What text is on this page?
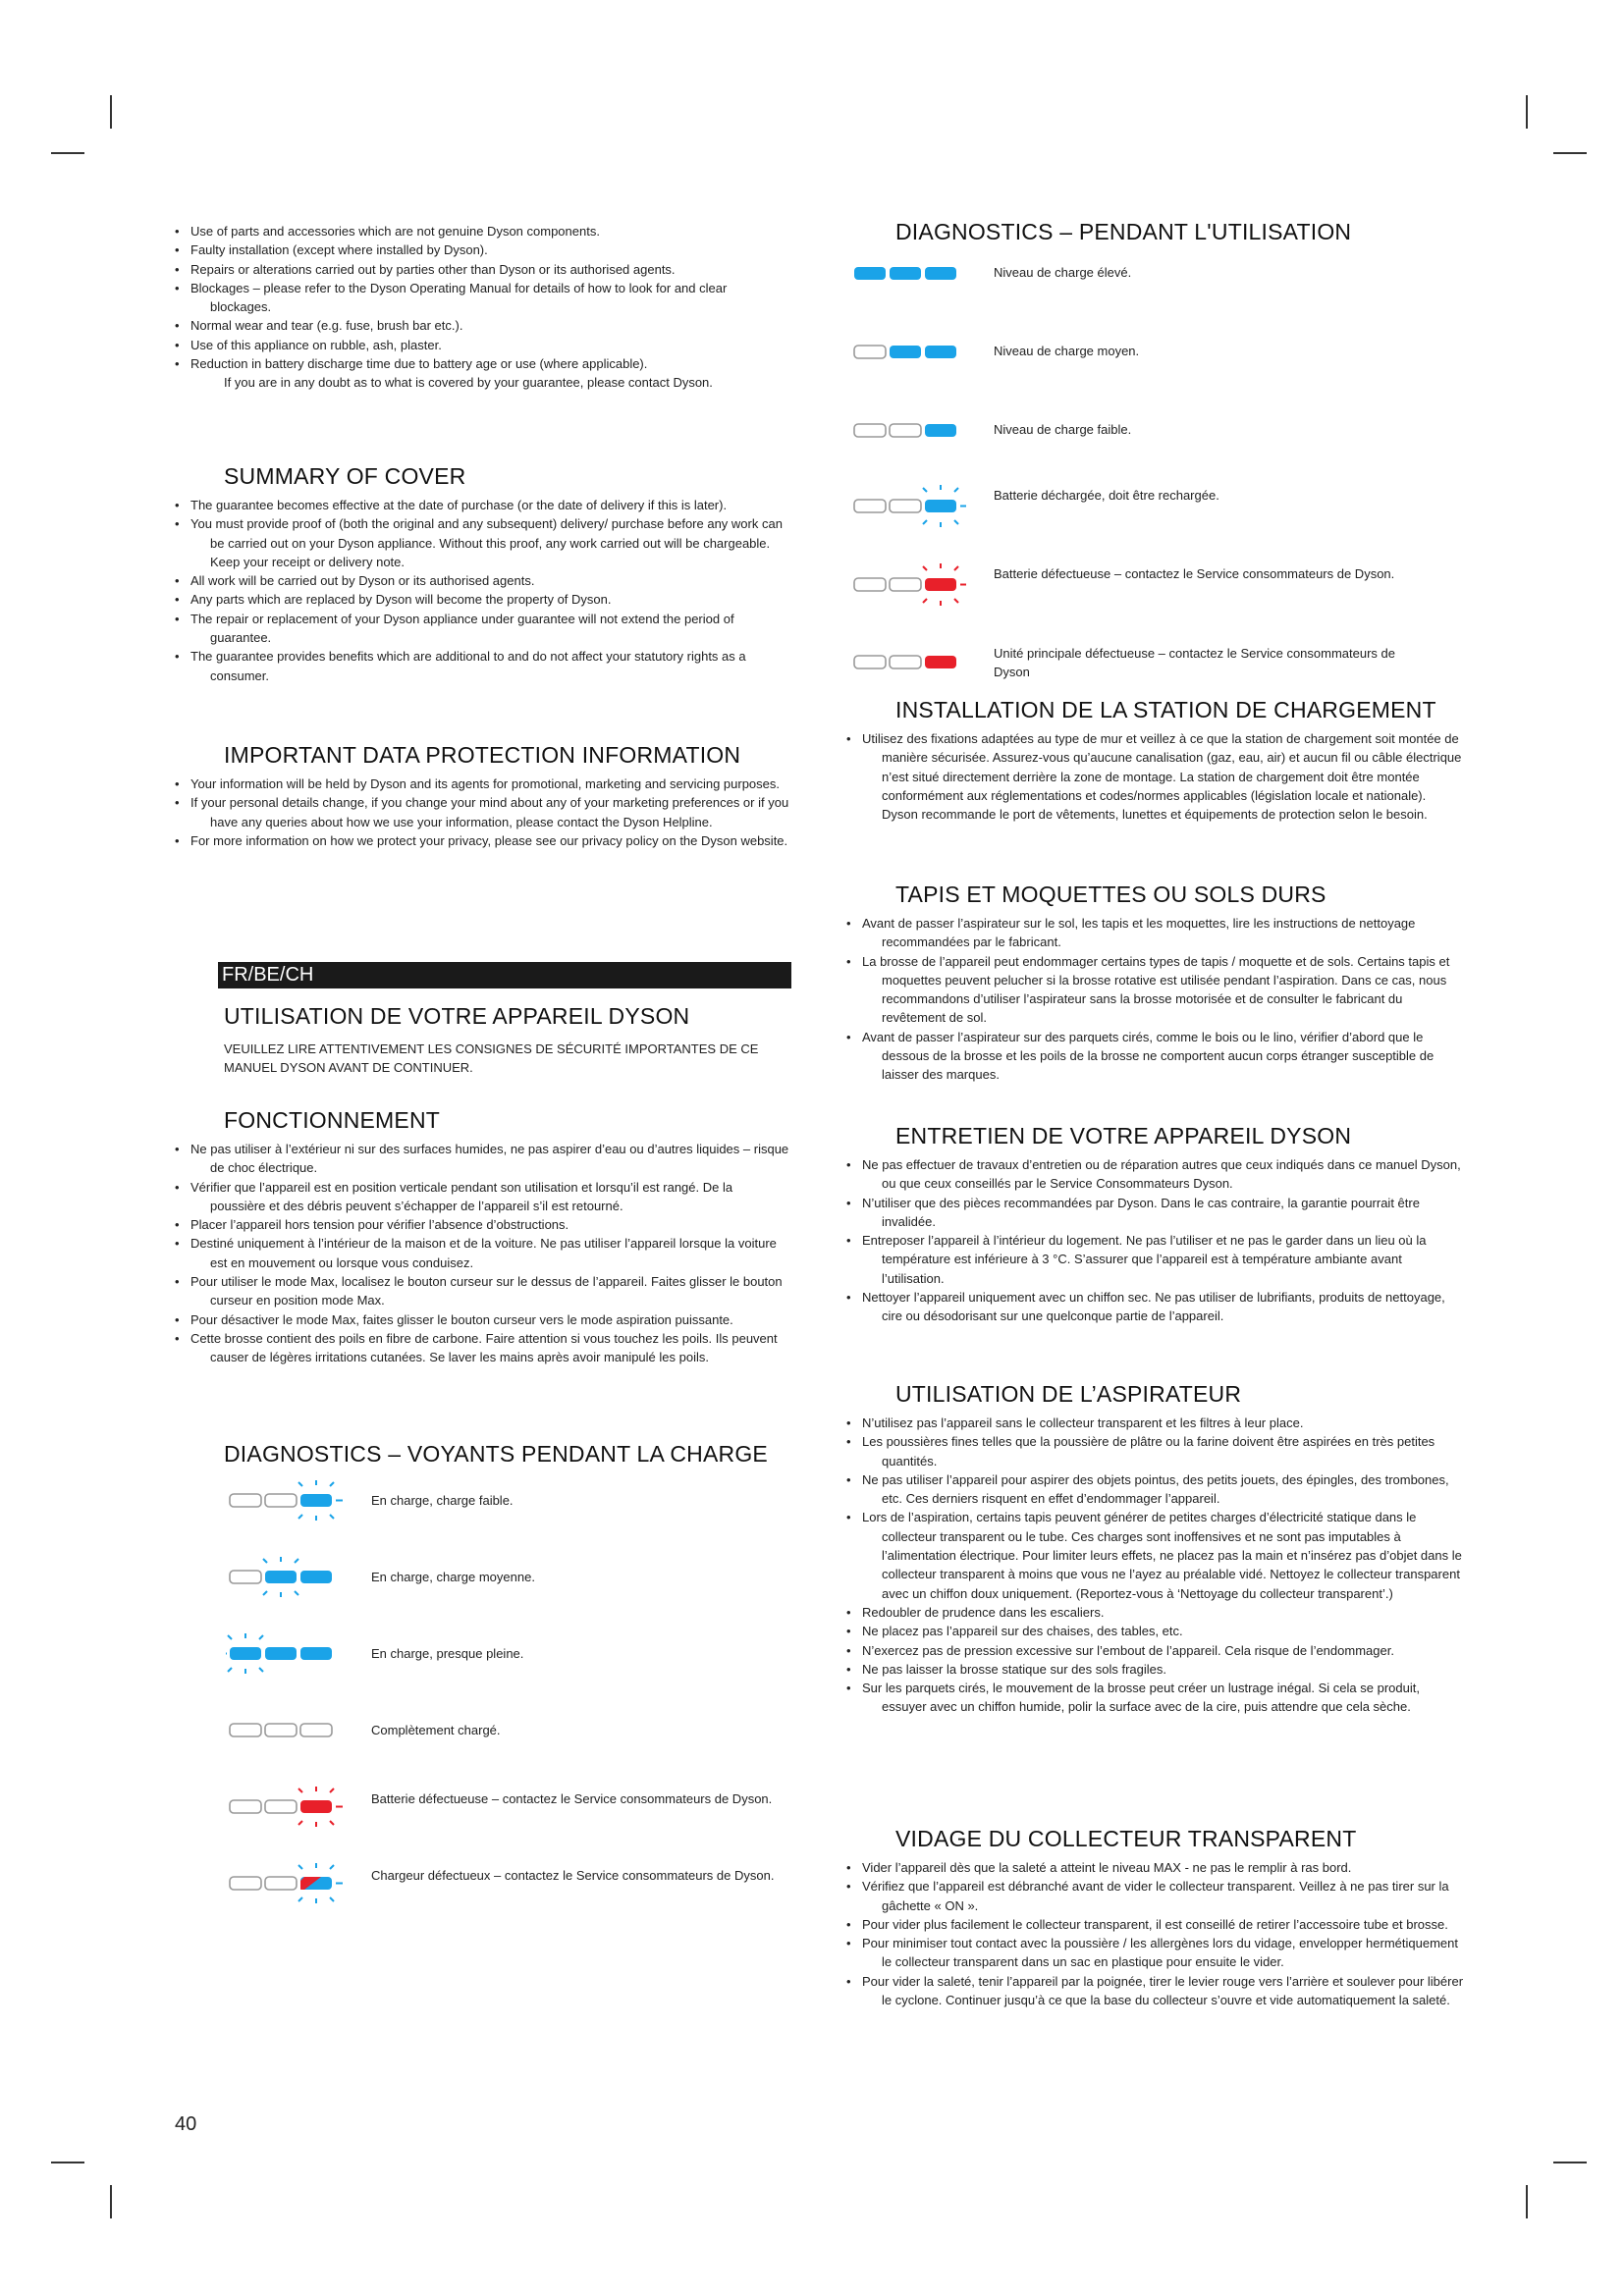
• Use of parts and accessories which are not genuine Dyson components.
• Faulty installation (except where installed by Dyson).
• Repairs or alterations carried out by parties other than Dyson or its authorised agents.
• Blockages – please refer to the Dyson Operating Manual for details of how to look for and clear blockages.
• Normal wear and tear (e.g. fuse, brush bar etc.).
• Use of this appliance on rubble, ash, plaster.
• Reduction in battery discharge time due to battery age or use (where applicable).
If you are in any doubt as to what is covered by your guarantee, please contact Dyson.
SUMMARY OF COVER
• The guarantee becomes effective at the date of purchase (or the date of delivery if this is later).
• You must provide proof of (both the original and any subsequent) delivery/ purchase before any work can be carried out on your Dyson appliance. Without this proof, any work carried out will be chargeable. Keep your receipt or delivery note.
• All work will be carried out by Dyson or its authorised agents.
• Any parts which are replaced by Dyson will become the property of Dyson.
• The repair or replacement of your Dyson appliance under guarantee will not extend the period of guarantee.
• The guarantee provides benefits which are additional to and do not affect your statutory rights as a consumer.
IMPORTANT DATA PROTECTION INFORMATION
• Your information will be held by Dyson and its agents for promotional, marketing and servicing purposes.
• If your personal details change, if you change your mind about any of your marketing preferences or if you have any queries about how we use your information, please contact the Dyson Helpline.
• For more information on how we protect your privacy, please see our privacy policy on the Dyson website.
FR/BE/CH
UTILISATION DE VOTRE APPAREIL DYSON
VEUILLEZ LIRE ATTENTIVEMENT LES CONSIGNES DE SÉCURITÉ IMPORTANTES DE CE MANUEL DYSON AVANT DE CONTINUER.
FONCTIONNEMENT
• Ne pas utiliser à l’extérieur ni sur des surfaces humides, ne pas aspirer d’eau ou d’autres liquides – risque de choc électrique.
• Vérifier que l’appareil est en position verticale pendant son utilisation et lorsqu’il est rangé. De la poussière et des débris peuvent s’échapper de l’appareil s’il est retourné.
• Placer l’appareil hors tension pour vérifier l’absence d’obstructions.
• Destiné uniquement à l’intérieur de la maison et de la voiture. Ne pas utiliser l’appareil lorsque la voiture est en mouvement ou lorsque vous conduisez.
• Pour utiliser le mode Max, localisez le bouton curseur sur le dessus de l’appareil. Faites glisser le bouton curseur en position mode Max.
• Pour désactiver le mode Max, faites glisser le bouton curseur vers le mode aspiration puissante.
• Cette brosse contient des poils en fibre de carbone. Faire attention si vous touchez les poils. Ils peuvent causer de légères irritations cutanées. Se laver les mains après avoir manipulé les poils.
DIAGNOSTICS – VOYANTS PENDANT LA CHARGE
En charge, charge faible.
En charge, charge moyenne.
En charge, presque pleine.
Complètement chargé.
Batterie défectueuse – contactez le Service consommateurs de Dyson.
Chargeur défectueux – contactez le Service consommateurs de Dyson.
DIAGNOSTICS – PENDANT L'UTILISATION
Niveau de charge élevé.
Niveau de charge moyen.
Niveau de charge faible.
Batterie déchargée, doit être rechargée.
Batterie défectueuse – contactez le Service consommateurs de Dyson.
Unité principale défectueuse – contactez le Service consommateurs de Dyson
INSTALLATION DE LA STATION DE CHARGEMENT
• Utilisez des fixations adaptées au type de mur et veillez à ce que la station de chargement soit montée de manière sécurisée. Assurez-vous qu’aucune canalisation (gaz, eau, air) et aucun fil ou câble électrique n’est situé directement derrière la zone de montage. La station de chargement doit être montée conformément aux réglementations et codes/normes applicables (législation locale et nationale). Dyson recommande le port de vêtements, lunettes et équipements de protection selon le besoin.
TAPIS ET MOQUETTES OU SOLS DURS
• Avant de passer l’aspirateur sur le sol, les tapis et les moquettes, lire les instructions de nettoyage recommandées par le fabricant.
• La brosse de l’appareil peut endommager certains types de tapis / moquette et de sols. Certains tapis et moquettes peuvent pelucher si la brosse rotative est utilisée pendant l’aspiration. Dans ce cas, nous recommandons d’utiliser l’aspirateur sans la brosse motorisée et de consulter le fabricant du revêtement de sol.
• Avant de passer l’aspirateur sur des parquets cirés, comme le bois ou le lino, vérifier d’abord que le dessous de la brosse et les poils de la brosse ne comportent aucun corps étranger susceptible de laisser des marques.
ENTRETIEN DE VOTRE APPAREIL DYSON
• Ne pas effectuer de travaux d’entretien ou de réparation autres que ceux indiqués dans ce manuel Dyson, ou que ceux conseillés par le Service Consommateurs Dyson.
• N’utiliser que des pièces recommandées par Dyson. Dans le cas contraire, la garantie pourrait être invalidée.
• Entreposer l’appareil à l’intérieur du logement. Ne pas l’utiliser et ne pas le garder dans un lieu où la température est inférieure à 3 °C. S’assurer que l’appareil est à température ambiante avant l’utilisation.
• Nettoyer l’appareil uniquement avec un chiffon sec. Ne pas utiliser de lubrifiants, produits de nettoyage, cire ou désodorisant sur une quelconque partie de l’appareil.
UTILISATION DE L’ASPIRATEUR
• N’utilisez pas l’appareil sans le collecteur transparent et les filtres à leur place.
• Les poussières fines telles que la poussière de plâtre ou la farine doivent être aspirées en très petites quantités.
• Ne pas utiliser l’appareil pour aspirer des objets pointus, des petits jouets, des épingles, des trombones, etc. Ces derniers risquent en effet d’endommager l’appareil.
• Lors de l’aspiration, certains tapis peuvent générer de petites charges d’électricité statique dans le collecteur transparent ou le tube. Ces charges sont inoffensives et ne sont pas imputables à l’alimentation électrique. Pour limiter leurs effets, ne placez pas la main et n’insérez pas d’objet dans le collecteur transparent à moins que vous ne l’ayez au préalable vidé. Nettoyez le collecteur transparent avec un chiffon doux uniquement. (Reportez-vous à ‘Nettoyage du collecteur transparent’.)
• Redoubler de prudence dans les escaliers.
• Ne placez pas l’appareil sur des chaises, des tables, etc.
• N’exercez pas de pression excessive sur l’embout de l’appareil. Cela risque de l’endommager.
• Ne pas laisser la brosse statique sur des sols fragiles.
• Sur les parquets cirés, le mouvement de la brosse peut créer un lustrage inégal. Si cela se produit, essuyer avec un chiffon humide, polir la surface avec de la cire, puis attendre que cela sèche.
VIDAGE DU COLLECTEUR TRANSPARENT
• Vider l’appareil dès que la saleté a atteint le niveau MAX - ne pas le remplir à ras bord.
• Vérifiez que l’appareil est débranché avant de vider le collecteur transparent. Veillez à ne pas tirer sur la gâchette « ON ».
• Pour vider plus facilement le collecteur transparent, il est conseillé de retirer l’accessoire tube et brosse.
• Pour minimiser tout contact avec la poussière / les allergènes lors du vidage, envelopper hermétiquement le collecteur transparent dans un sac en plastique pour ensuite le vider.
• Pour vider la saleté, tenir l’appareil par la poignée, tirer le levier rouge vers l’arrière et soulever pour libérer le cyclone. Continuer jusqu’à ce que la base du collecteur s’ouvre et vide automatiquement la saleté.
40
